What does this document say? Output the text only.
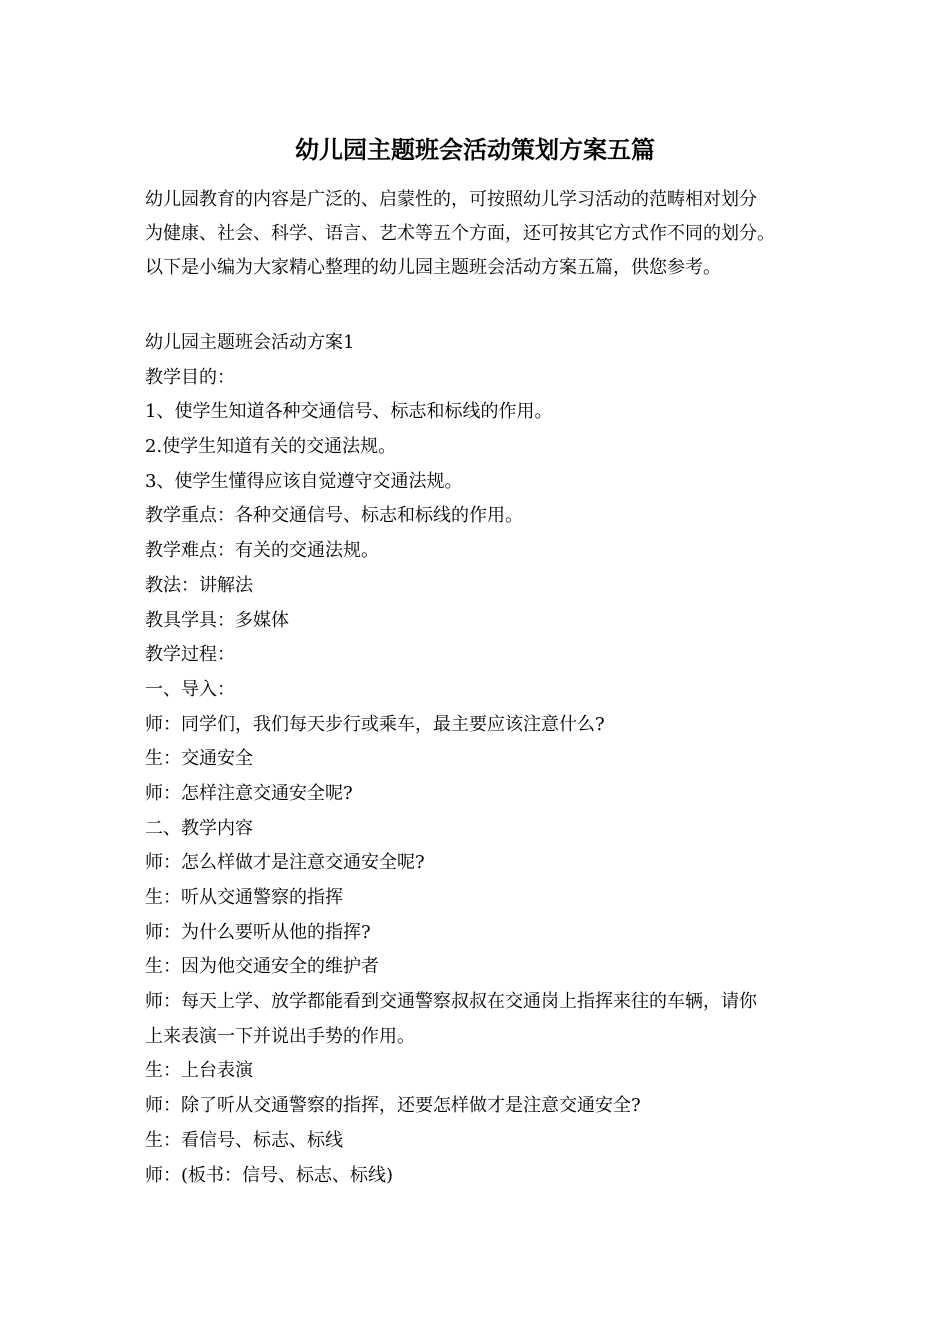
幼儿园主题班会活动策划方案五篇
幼儿园教育的内容是广泛的、启蒙性的，可按照幼儿学习活动的范畴相对划分
为健康、社会、科学、语言、艺术等五个方面，还可按其它方式作不同的划分。
以下是小编为大家精心整理的幼儿园主题班会活动方案五篇，供您参考。
幼儿园主题班会活动方案1
教学目的：
1、使学生知道各种交通信号、标志和标线的作用。
2.使学生知道有关的交通法规。
3、使学生懂得应该自觉遵守交通法规。
教学重点：各种交通信号、标志和标线的作用。
教学难点：有关的交通法规。
教法：讲解法
教具学具：多媒体
教学过程：
一、导入：
师：同学们，我们每天步行或乘车，最主要应该注意什么?
生：交通安全
师：怎样注意交通安全呢?
二、教学内容
师：怎么样做才是注意交通安全呢?
生：听从交通警察的指挥
师：为什么要听从他的指挥?
生：因为他交通安全的维护者
师：每天上学、放学都能看到交通警察叔叔在交通岗上指挥来往的车辆，请你
上来表演一下并说出手势的作用。
生：上台表演
师：除了听从交通警察的指挥，还要怎样做才是注意交通安全?
生：看信号、标志、标线
师：(板书：信号、标志、标线)
